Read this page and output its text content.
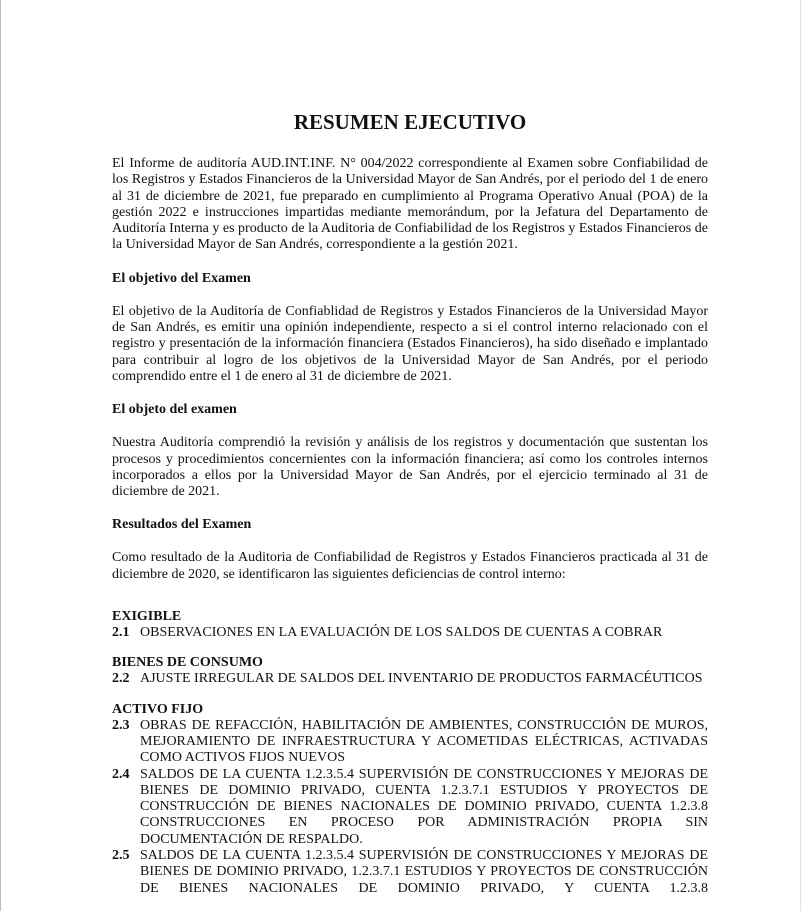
RESUMEN EJECUTIVO

El Informe de auditoría AUD.INT.INF. N° 004/2022 correspondiente al Examen sobre Confiabilidad de los Registros y Estados Financieros de la Universidad Mayor de San Andrés, por el periodo del 1 de enero al 31 de diciembre de 2021, fue preparado en cumplimiento al Programa Operativo Anual (POA) de la gestión 2022 e instrucciones impartidas mediante memorándum, por la Jefatura del Departamento de Auditoría Interna y es producto de la Auditoria de Confiabilidad de los Registros y Estados Financieros de la Universidad Mayor de San Andrés, correspondiente a la gestión 2021.

El objetivo del Examen

El objetivo de la Auditoría de Confiablidad de Registros y Estados Financieros de la Universidad Mayor de San Andrés, es emitir una opinión independiente, respecto a si el control interno relacionado con el registro y presentación de la información financiera (Estados Financieros), ha sido diseñado e implantado para contribuir al logro de los objetivos de la Universidad Mayor de San Andrés, por el periodo comprendido entre el 1 de enero al 31 de diciembre de 2021.

El objeto del examen

Nuestra Auditoría comprendió la revisión y análisis de los registros y documentación que sustentan los procesos y procedimientos concernientes con la información financiera; así como los controles internos incorporados a ellos por la Universidad Mayor de San Andrés, por el ejercicio terminado al 31 de diciembre de 2021.

Resultados del Examen

Como resultado de la Auditoria de Confiabilidad de Registros y Estados Financieros practicada al 31 de diciembre de 2020, se identificaron las siguientes deficiencias de control interno:

EXIGIBLE
2.1 OBSERVACIONES EN LA EVALUACIÓN DE LOS SALDOS DE CUENTAS A COBRAR
BIENES DE CONSUMO
2.2 AJUSTE IRREGULAR DE SALDOS DEL INVENTARIO DE PRODUCTOS FARMACÉUTICOS
ACTIVO FIJO
2.3 OBRAS DE REFACCIÓN, HABILITACIÓN DE AMBIENTES, CONSTRUCCIÓN DE MUROS, MEJORAMIENTO DE INFRAESTRUCTURA Y ACOMETIDAS ELÉCTRICAS, ACTIVADAS COMO ACTIVOS FIJOS NUEVOS
2.4 SALDOS DE LA CUENTA 1.2.3.5.4 SUPERVISIÓN DE CONSTRUCCIONES Y MEJORAS DE BIENES DE DOMINIO PRIVADO, CUENTA 1.2.3.7.1 ESTUDIOS Y PROYECTOS DE CONSTRUCCIÓN DE BIENES NACIONALES DE DOMINIO PRIVADO, CUENTA 1.2.3.8 CONSTRUCCIONES EN PROCESO POR ADMINISTRACIÓN PROPIA SIN DOCUMENTACIÓN DE RESPALDO.
2.5 SALDOS DE LA CUENTA 1.2.3.5.4 SUPERVISIÓN DE CONSTRUCCIONES Y MEJORAS DE BIENES DE DOMINIO PRIVADO, 1.2.3.7.1 ESTUDIOS Y PROYECTOS DE CONSTRUCCIÓN DE BIENES NACIONALES DE DOMINIO PRIVADO, Y CUENTA 1.2.3.8
